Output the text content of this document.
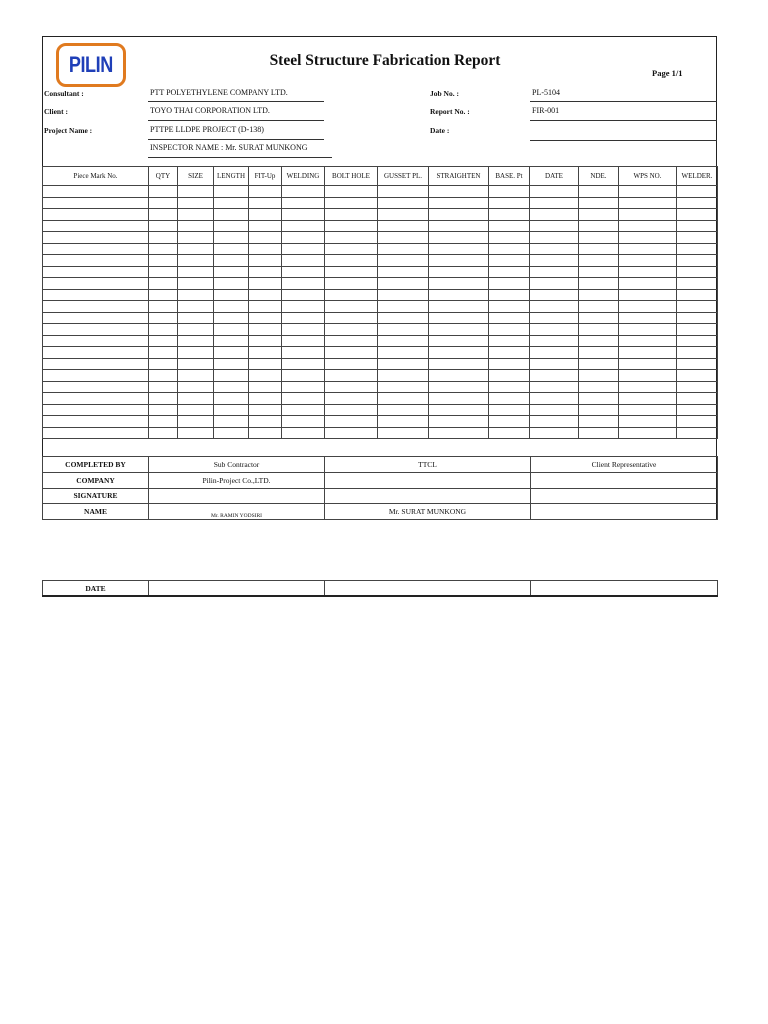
PILIN	Steel Structure Fabrication Report
Page 1/1
Consultant :	PTT POLYETHYLENE COMPANY LTD.
Client :	TOYO THAI CORPORATION LTD.
Project Name :	PTTPE LLDPE PROJECT (D-138)
INSPECTOR NAME : Mr. SURAT MUNKONG
Job No. :	PL-5104
Report No. :	FIR-001
Date :
Piece Mark No.	QTY	SIZE	LENGTH	FIT-Up	WELDING	BOLT HOLE	GUSSET PL.	STRAIGHTEN	BASE. Pt	DATE	NDE.	WPS NO.	WELDER.

COMPLETED BY	Sub Contractor	TTCL	Client Representative
COMPANY	Pilin-Project Co.,LTD.		
SIGNATURE			
NAME	Mr. RAMIN YODSIRI	Mr. SURAT MUNKONG	
DATE			
